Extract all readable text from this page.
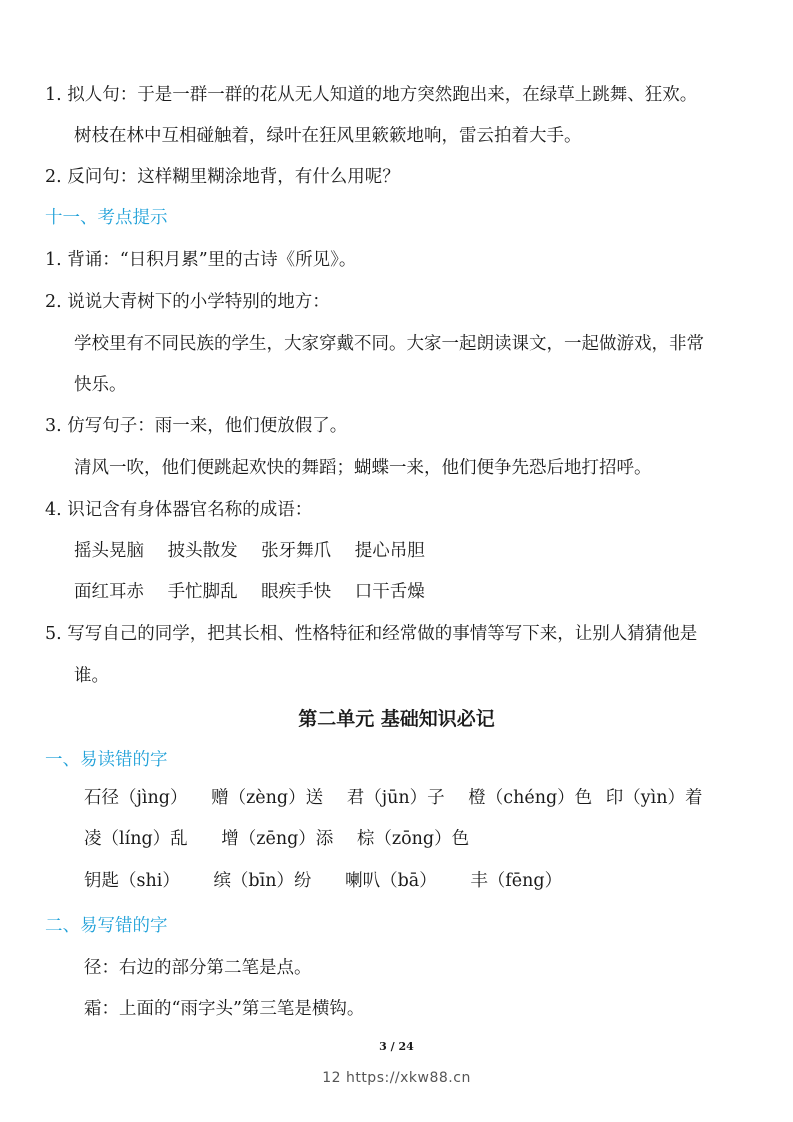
1. 拟人句：于是一群一群的花从无人知道的地方突然跑出来，在绿草上跳舞、狂欢。
树枝在林中互相碰触着，绿叶在狂风里簌簌地响，雷云拍着大手。
2. 反问句：这样糊里糊涂地背，有什么用呢？
十一、考点提示
1. 背诵：“日积月累”里的古诗《所见》。
2. 说说大青树下的小学特别的地方：
学校里有不同民族的学生，大家穿戴不同。大家一起朗读课文，一起做游戏，非常
快乐。
3. 仿写句子：雨一来，他们便放假了。
清风一吹，他们便跳起欢快的舞蹈；蝴蝶一来，他们便争先恐后地打招呼。
4. 识记含有身体器官名称的成语：
摇头晃脑 披头散发 张牙舞爪 提心吊胆
面红耳赤 手忙脚乱 眼疾手快 口干舌燥
5. 写写自己的同学，把其长相、性格特征和经常做的事情等写下来，让别人猜猜他是
谁。
第二单元 基础知识必记
一、易读错的字
石径（jìng） 赠（zèng）送 君（jūn）子 橙（chéng）色 印（yìn）着
凌（líng）乱 增（zēng）添 棕（zōng）色
钥匙（shi） 缤（bīn）纷 喇叭（bā） 丰（fēng）
二、易写错的字
径：右边的部分第二笔是点。
霜：上面的“雨字头”第三笔是横钩。
3 / 24
12 https://xkw88.cn
